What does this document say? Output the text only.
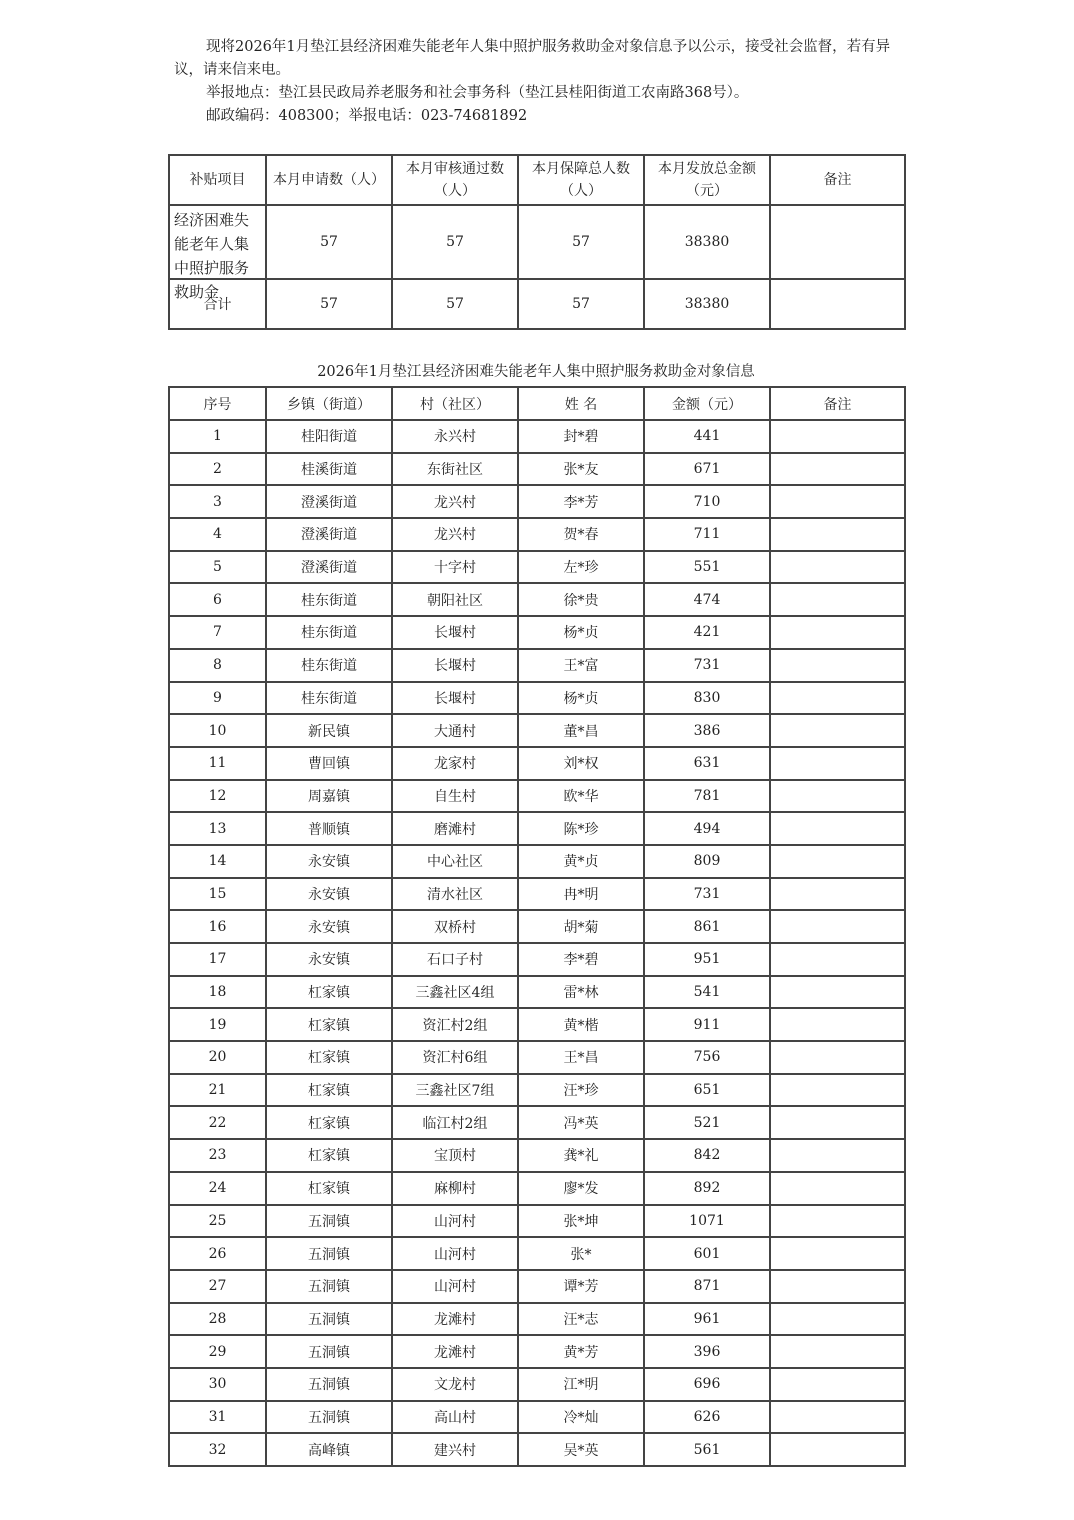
现将2026年1月垫江县经济困难失能老年人集中照护服务救助金对象信息予以公示，接受社会监督，若有异议，请来信来电。

举报地点：垫江县民政局养老服务和社会事务科（垫江县桂阳街道工农南路368号）。

邮政编码：408300；举报电话：023-74681892

补贴项目	本月申请数（人）	本月审核通过数（人）	本月保障总人数（人）	本月发放总金额（元）	备注

经济困难失能老年人集中照护服务救助金	57	57	57	38380	
合计	57	57	57	38380	
2026年1月垫江县经济困难失能老年人集中照护服务救助金对象信息
序号	乡镇（街道）	村（社区）	姓 名	金额（元）	备注
1	桂阳街道	永兴村	封*碧	441	
2	桂溪街道	东街社区	张*友	671	
3	澄溪街道	龙兴村	李*芳	710	
4	澄溪街道	龙兴村	贺*春	711	
5	澄溪街道	十字村	左*珍	551	
6	桂东街道	朝阳社区	徐*贵	474	
7	桂东街道	长堰村	杨*贞	421	
8	桂东街道	长堰村	王*富	731	
9	桂东街道	长堰村	杨*贞	830	
10	新民镇	大通村	董*昌	386	
11	曹回镇	龙家村	刘*权	631	
12	周嘉镇	自生村	欧*华	781	
13	普顺镇	磨滩村	陈*珍	494	
14	永安镇	中心社区	黄*贞	809	
15	永安镇	清水社区	冉*明	731	
16	永安镇	双桥村	胡*菊	861	
17	永安镇	石口子村	李*碧	951	
18	杠家镇	三鑫社区4组	雷*林	541	
19	杠家镇	资汇村2组	黄*楷	911	
20	杠家镇	资汇村6组	王*昌	756	
21	杠家镇	三鑫社区7组	汪*珍	651	
22	杠家镇	临江村2组	冯*英	521	
23	杠家镇	宝顶村	龚*礼	842	
24	杠家镇	麻柳村	廖*发	892	
25	五洞镇	山河村	张*坤	1071	
26	五洞镇	山河村	张*	601	
27	五洞镇	山河村	谭*芳	871	
28	五洞镇	龙滩村	汪*志	961	
29	五洞镇	龙滩村	黄*芳	396	
30	五洞镇	文龙村	江*明	696	
31	五洞镇	高山村	冷*灿	626	
32	高峰镇	建兴村	吴*英	561	
